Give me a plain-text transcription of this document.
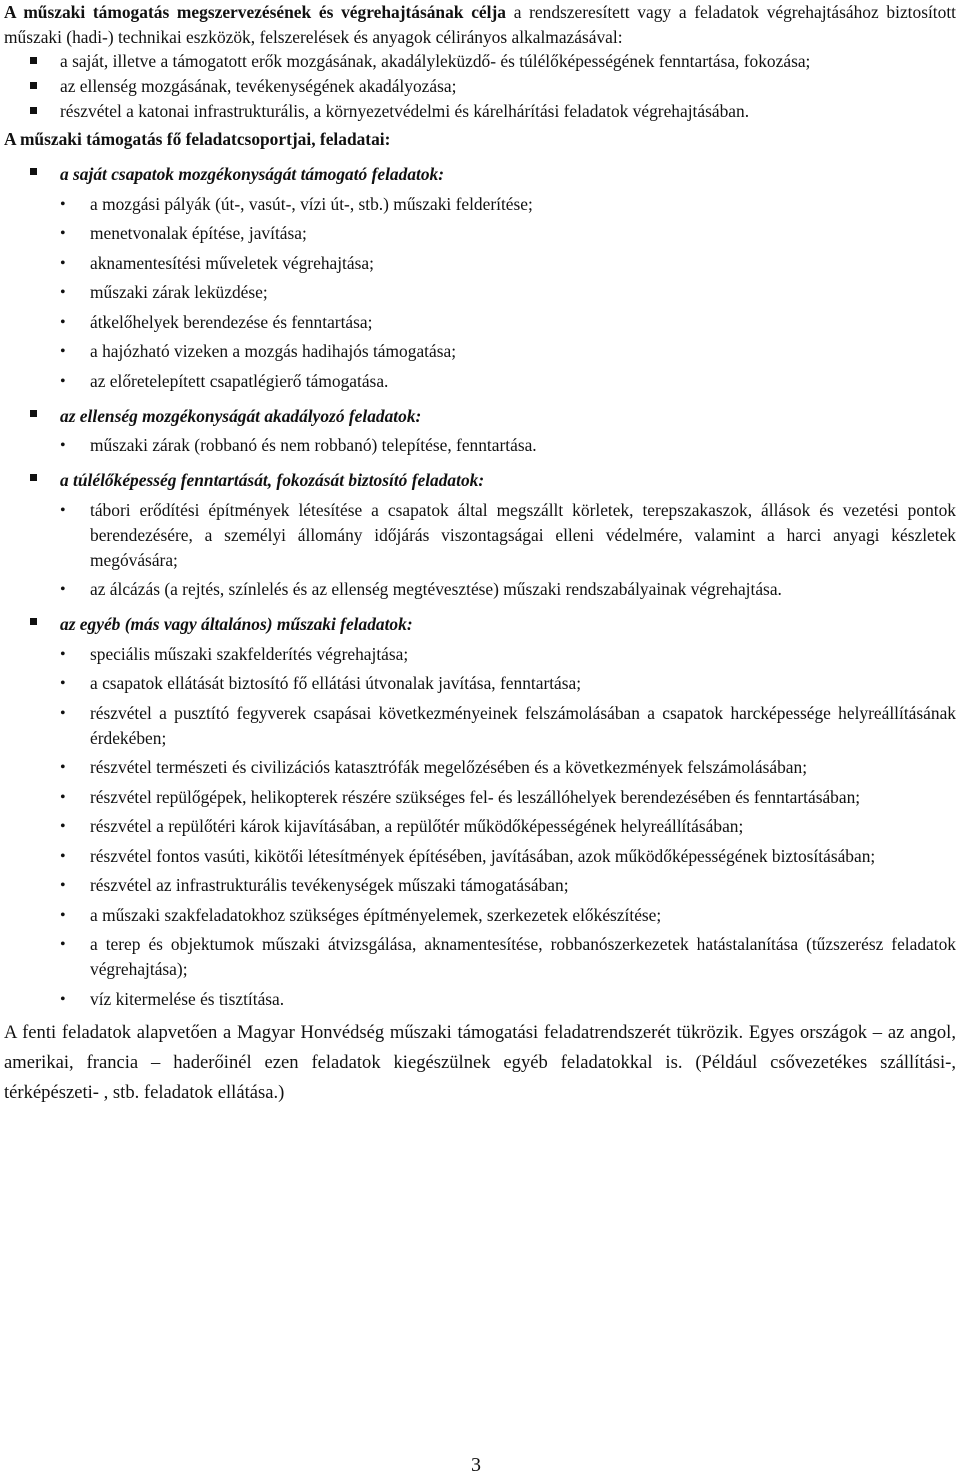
A műszaki támogatás megszervezésének és végrehajtásának célja a rendszeresített vagy a feladatok végrehajtásához biztosított műszaki (hadi-) technikai eszközök, felszerelések és anyagok célirányos alkalmazásával:

a saját, illetve a támogatott erők mozgásának, akadályleküzdő- és túlélőképességének fenntartása, fokozása;
az ellenség mozgásának, tevékenységének akadályozása;
részvétel a katonai infrastrukturális, a környezetvédelmi és kárelhárítási feladatok végrehajtásában.

A műszaki támogatás fő feladatcsoportjai, feladatai:

a saját csapatok mozgékonyságát támogató feladatok:
• a mozgási pályák (út-, vasút-, vízi út-, stb.) műszaki felderítése;
• menetvonalak építése, javítása;
• aknamentesítési műveletek végrehajtása;
• műszaki zárak leküzdése;
• átkelőhelyek berendezése és fenntartása;
• a hajózható vizeken a mozgás hadihajós támogatása;
• az előretelepített csapatlégierő támogatása.
az ellenség mozgékonyságát akadályozó feladatok:
• műszaki zárak (robbanó és nem robbanó) telepítése, fenntartása.
a túlélőképesség fenntartását, fokozását biztosító feladatok:
• tábori erődítési építmények létesítése a csapatok által megszállt körletek, terepszakaszok, állások és vezetési pontok berendezésére, a személyi állomány időjárás viszontagságai elleni védelmére, valamint a harci anyagi készletek megóvására;
• az álcázás (a rejtés, színlelés és az ellenség megtévesztése) műszaki rendszabályainak végrehajtása.
az egyéb (más vagy általános) műszaki feladatok:
• speciális műszaki szakfelderítés végrehajtása;
• a csapatok ellátását biztosító fő ellátási útvonalak javítása, fenntartása;
• részvétel a pusztító fegyverek csapásai következményeinek felszámolásában a csapatok harcképessége helyreállításának érdekében;
• részvétel természeti és civilizációs katasztrófák megelőzésében és a következmények felszámolásában;
• részvétel repülőgépek, helikopterek részére szükséges fel- és leszállóhelyek berendezésében és fenntartásában;
• részvétel a repülőtéri károk kijavításában, a repülőtér működőképességének helyreállításában;
• részvétel fontos vasúti, kikötői létesítmények építésében, javításában, azok működőképességének biztosításában;
• részvétel az infrastrukturális tevékenységek műszaki támogatásában;
• a műszaki szakfeladatokhoz szükséges építményelemek, szerkezetek előkészítése;
• a terep és objektumok műszaki átvizsgálása, aknamentesítése, robbanószerkezetek hatástalanítása (tűzszerész feladatok végrehajtása);
• víz kitermelése és tisztítása.

A fenti feladatok alapvetően a Magyar Honvédség műszaki támogatási feladatrendszerét tükrözik. Egyes országok – az angol, amerikai, francia – haderőinél ezen feladatok kiegészülnek egyéb feladatokkal is. (Például csővezetékes szállítási-, térképészeti- , stb. feladatok ellátása.)

3
